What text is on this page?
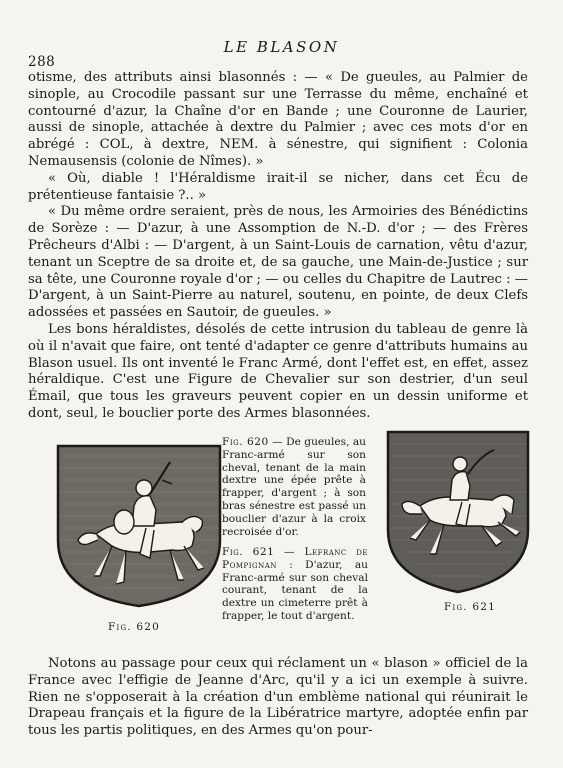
288
LE BLASON

otisme, des attributs ainsi blasonnés : — « De gueules, au Palmier de sinople, au Crocodile passant sur une Terrasse du même, enchaîné et contourné d'azur, la Chaîne d'or en Bande ; une Couronne de Laurier, aussi de sinople, attachée à dextre du Palmier ; avec ces mots d'or en abrégé : COL, à dextre, NEM. à sénestre, qui signifient : Colonia Nemausensis (colonie de Nîmes). »

« Où, diable ! l'Héraldisme irait-il se nicher, dans cet Écu de prétentieuse fantaisie ?.. »

« Du même ordre seraient, près de nous, les Armoiries des Bénédictins de Sorèze : — D'azur, à une Assomption de N.-D. d'or ; — des Frères Prêcheurs d'Albi : — D'argent, à un Saint-Louis de carnation, vêtu d'azur, tenant un Sceptre de sa droite et, de sa gauche, une Main-de-Justice ; sur sa tête, une Couronne royale d'or ; — ou celles du Chapitre de Lautrec : — D'argent, à un Saint-Pierre au naturel, soutenu, en pointe, de deux Clefs adossées et passées en Sautoir, de gueules. »

Les bons héraldistes, désolés de cette intrusion du tableau de genre là où il n'avait que faire, ont tenté d'adapter ce genre d'attributs humains au Blason usuel. Ils ont inventé le Franc Armé, dont l'effet est, en effet, assez héraldique. C'est une Figure de Chevalier sur son destrier, d'un seul Émail, que tous les graveurs peuvent copier en un dessin uniforme et dont, seul, le bouclier porte des Armes blasonnées.

Fig. 620

Fig. 620 — De gueules, au Franc-armé sur son cheval, tenant de la main dextre une épée prête à frapper, d'argent ; à son bras sénestre est passé un bouclier d'azur à la croix recroisée d'or.

Fig. 621 — Lefranc de Pompignan : D'azur, au Franc-armé sur son cheval courant, tenant de la dextre un cimeterre prêt à frapper, le tout d'argent.

Fig. 621

Notons au passage pour ceux qui réclament un « blason » officiel de la France avec l'effigie de Jeanne d'Arc, qu'il y a ici un exemple à suivre. Rien ne s'opposerait à la création d'un emblème national qui réunirait le Drapeau français et la figure de la Libératrice martyre, adoptée enfin par tous les partis politiques, en des Armes qu'on pour-
